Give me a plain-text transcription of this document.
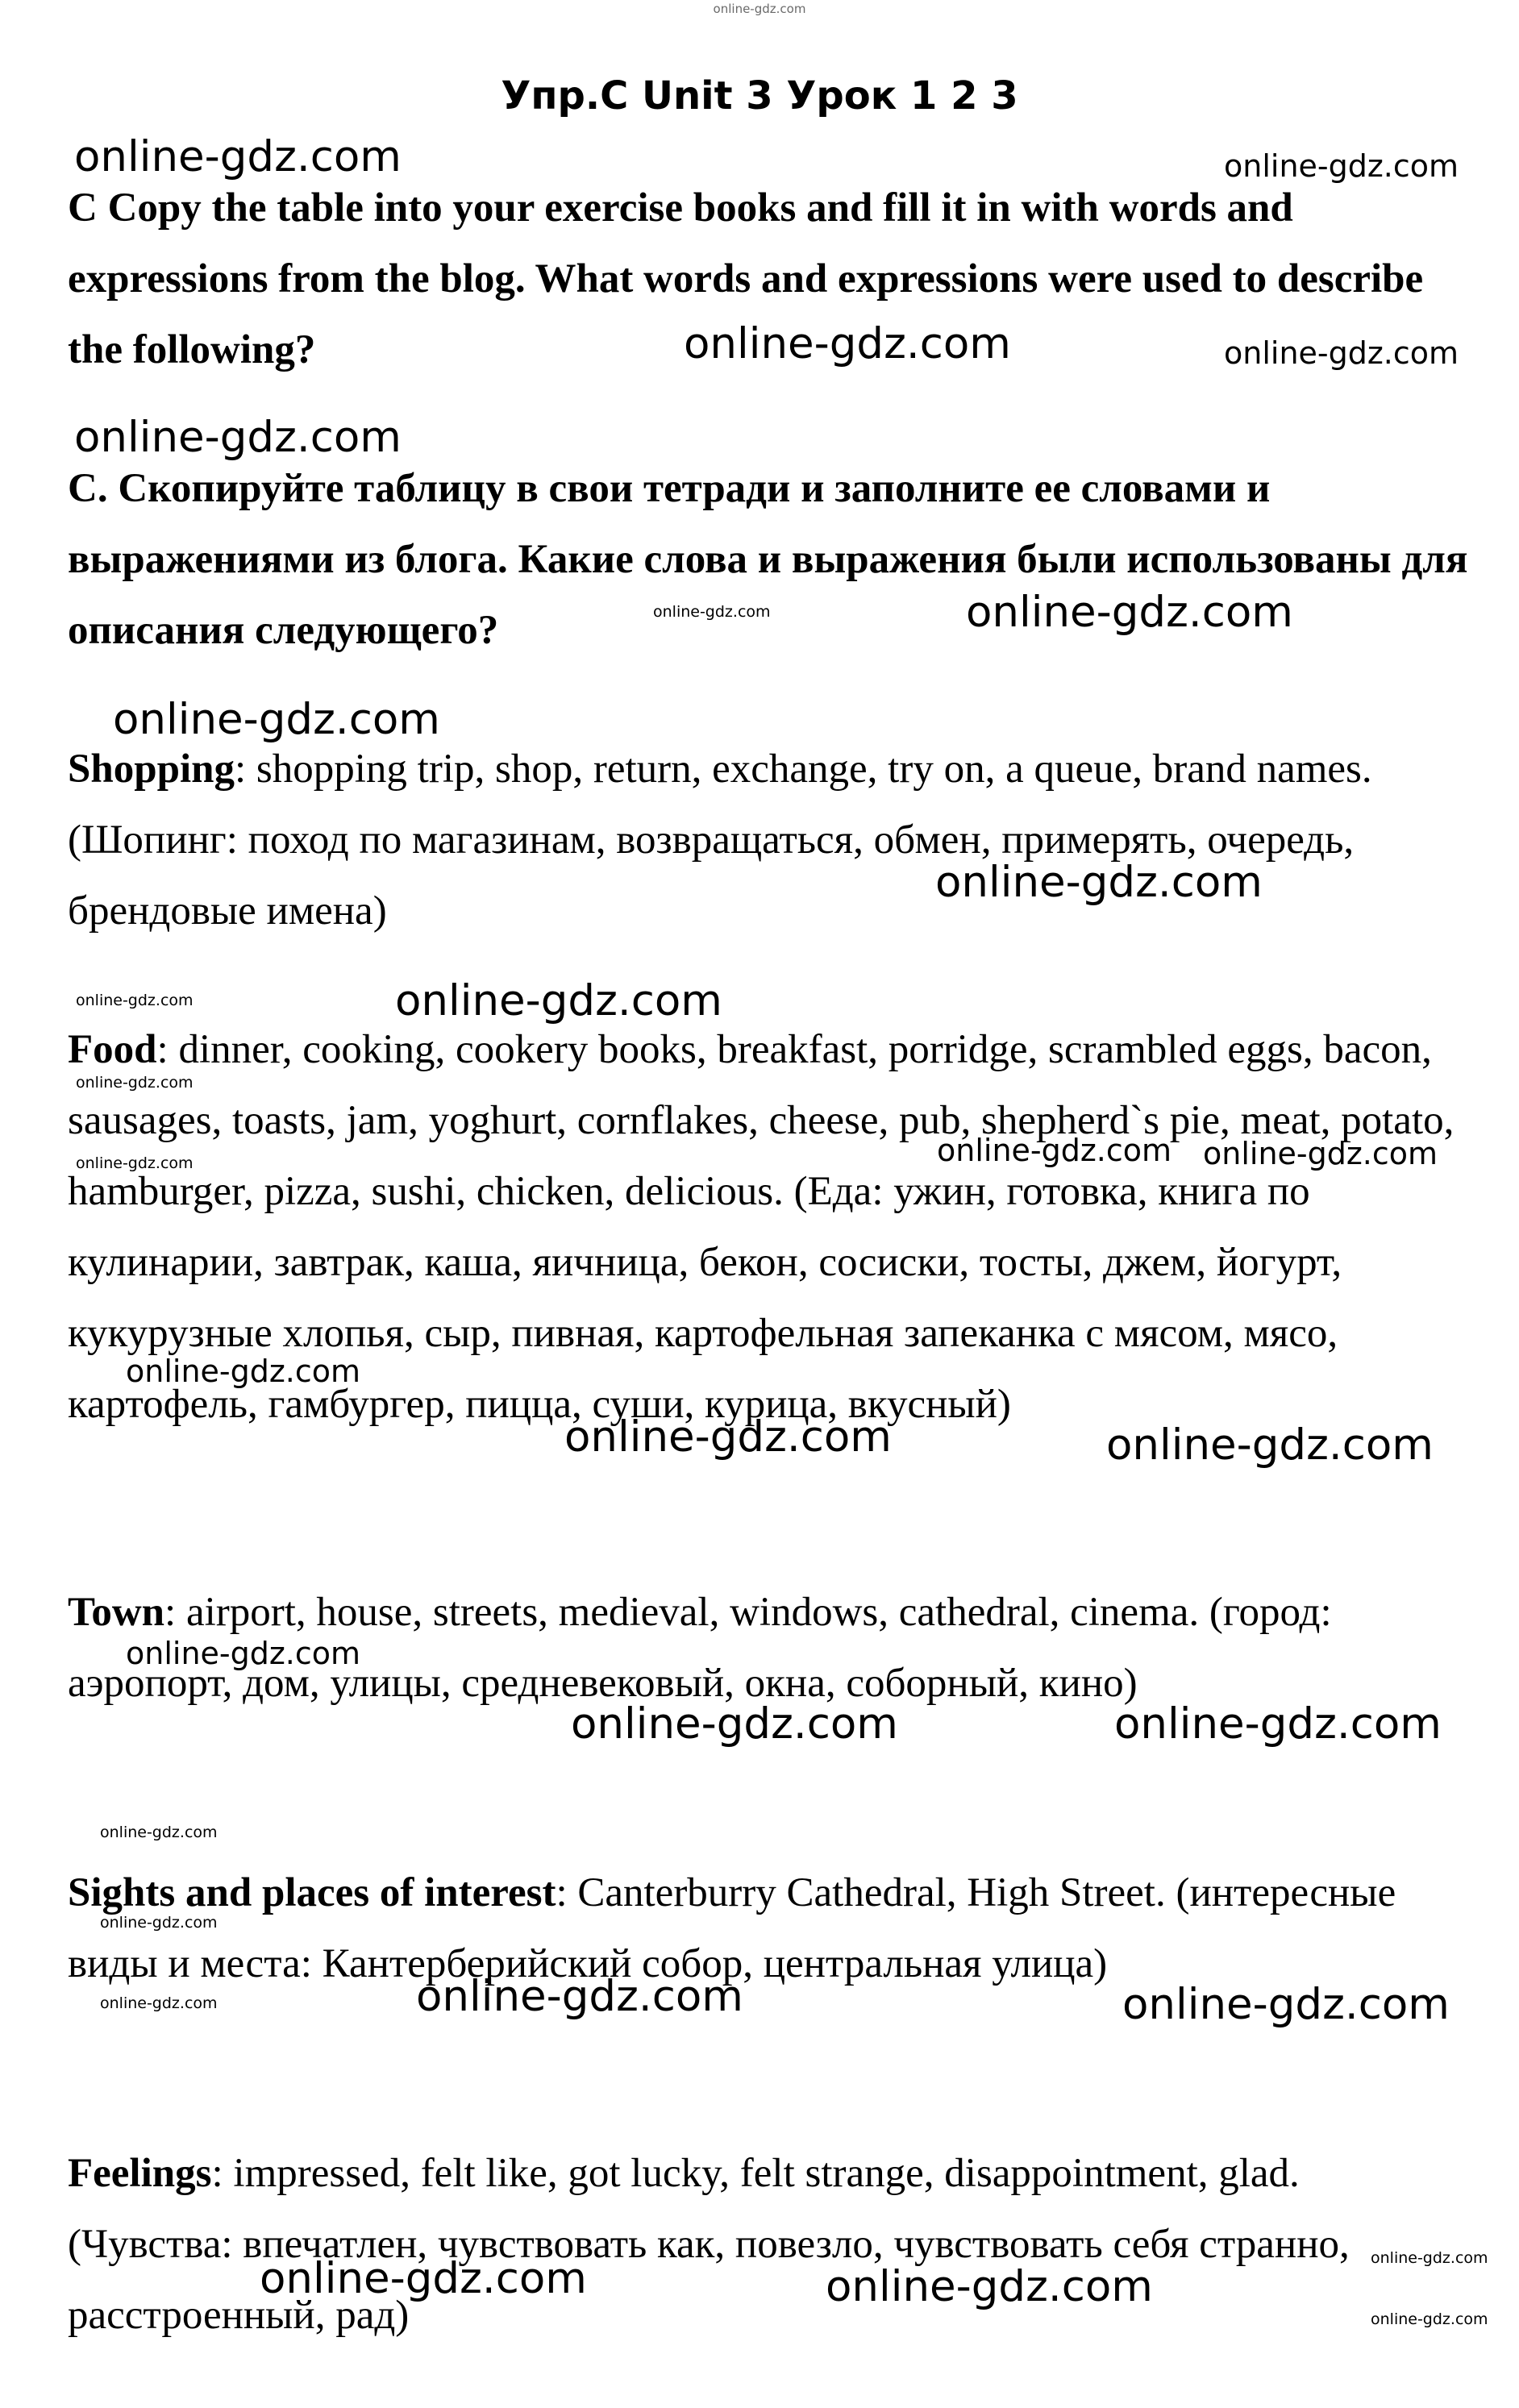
online-gdz.com
Упр.C Unit 3 Урок 1 2 3

C Copy the table into your exercise books and fill it in with words and expressions from the blog. What words and expressions were used to describe the following?

C. Скопируйте таблицу в свои тетради и заполните ее словами и выражениями из блога. Какие слова и выражения были использованы для описания следующего?

Shopping: shopping trip, shop, return, exchange, try on, a queue, brand names. (Шопинг: поход по магазинам, возвращаться, обмен, примерять, очередь, брендовые имена)

Food: dinner, cooking, cookery books, breakfast, porridge, scrambled eggs, bacon, sausages, toasts, jam, yoghurt, cornflakes, cheese, pub, shepherd`s pie, meat, potato, hamburger, pizza, sushi, chicken, delicious. (Еда: ужин, готовка, книга по кулинарии, завтрак, каша, яичница, бекон, сосиски, тосты, джем, йогурт, кукурузные хлопья, сыр, пивная, картофельная запеканка с мясом, мясо, картофель, гамбургер, пицца, суши, курица, вкусный)

Town: airport, house, streets, medieval, windows, cathedral, cinema. (город: аэропорт, дом, улицы, средневековый, окна, соборный, кино)

Sights and places of interest: Canterburry Cathedral, High Street. (интересные виды и места: Кантерберийский собор, центральная улица)

Feelings: impressed, felt like, got lucky, felt strange, disappointment, glad. (Чувства: впечатлен, чувствовать как, повезло, чувствовать себя странно, расстроенный, рад)

online-gdz.com	online-gdz.com
online-gdz.com	online-gdz.com
online-gdz.com
online-gdz.com	online-gdz.com
online-gdz.com
online-gdz.com
online-gdz.com	online-gdz.com
online-gdz.com
online-gdz.com	online-gdz.com online-gdz.com
online-gdz.com
online-gdz.com	online-gdz.com
online-gdz.com
online-gdz.com	online-gdz.com
online-gdz.com
online-gdz.com
online-gdz.com	online-gdz.com	online-gdz.com
online-gdz.com
online-gdz.com	online-gdz.com
online-gdz.com
